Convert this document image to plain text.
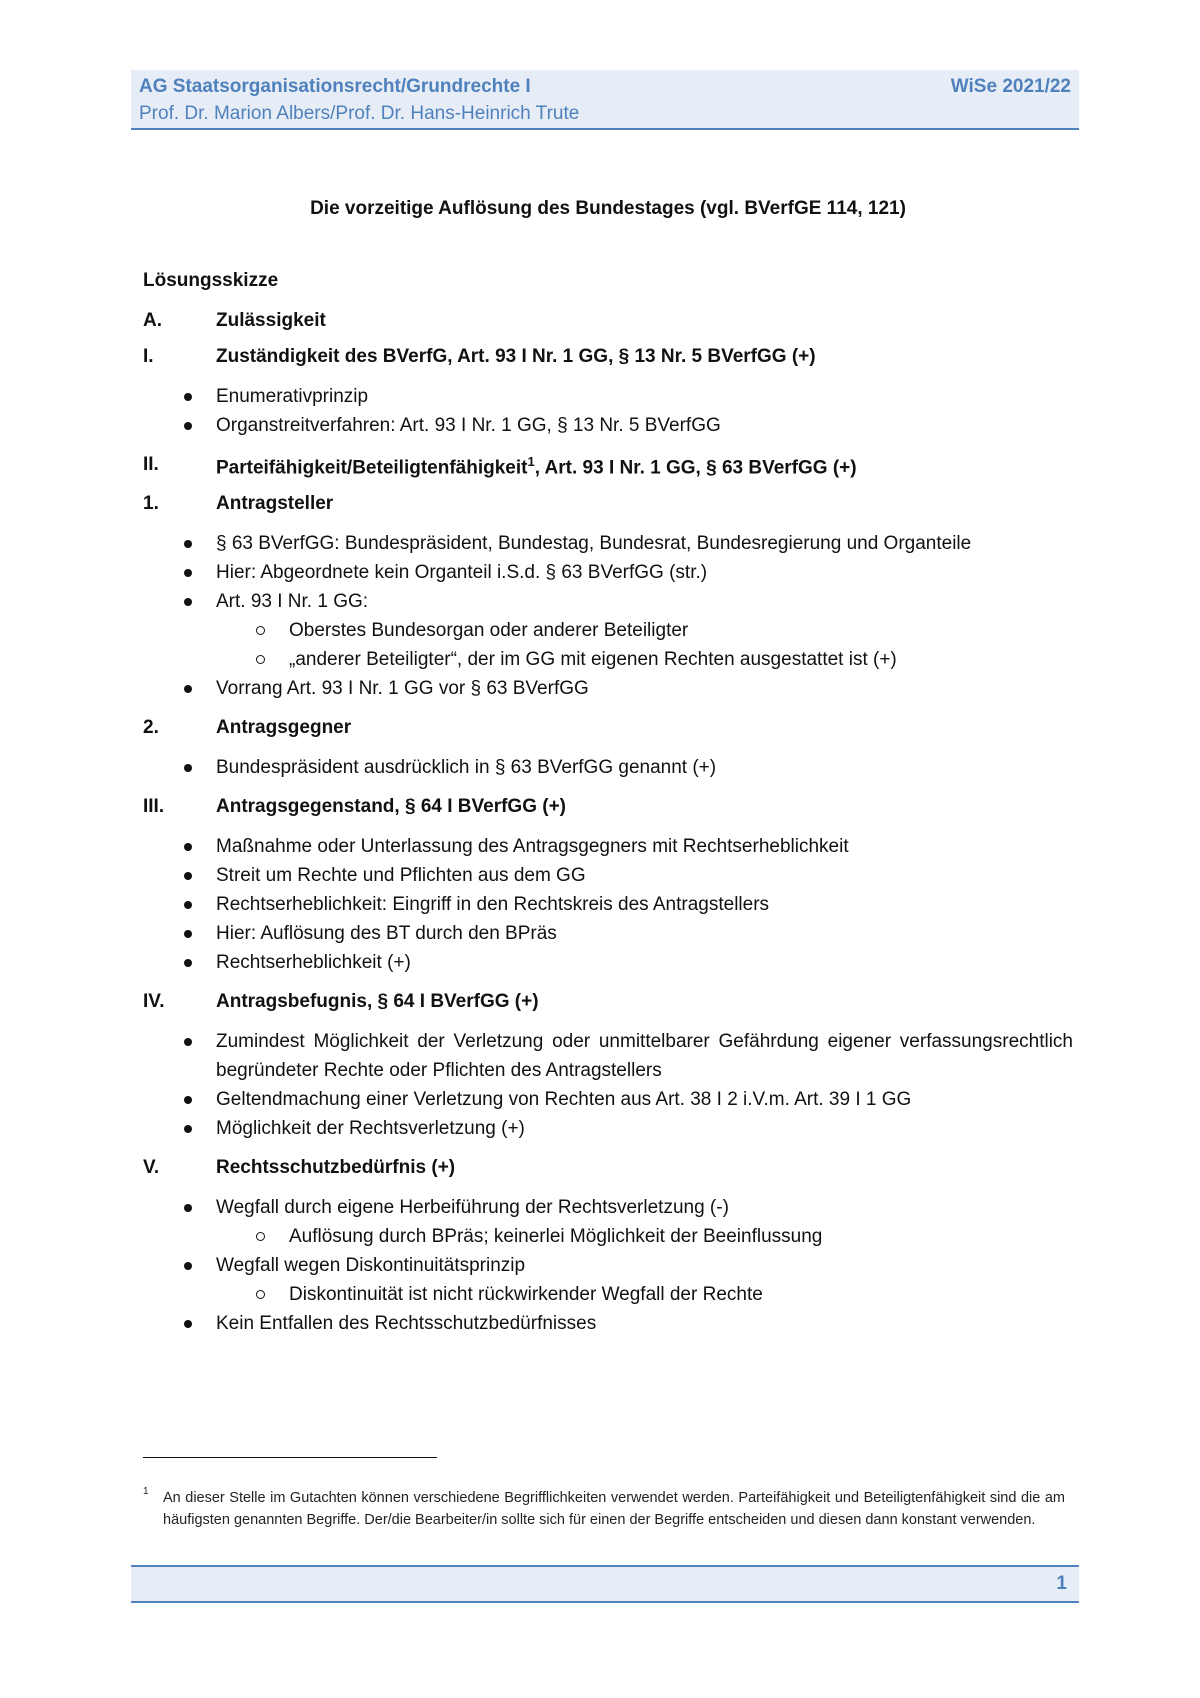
AG Staatsorganisationsrecht/Grundrechte I
Prof. Dr. Marion Albers/Prof. Dr. Hans-Heinrich Trute
WiSe 2021/22
Die vorzeitige Auflösung des Bundestages (vgl. BVerfGE 114, 121)
Lösungsskizze
A.	Zulässigkeit
I.	Zuständigkeit des BVerfG, Art. 93 I Nr. 1 GG, § 13 Nr. 5 BVerfGG (+)
Enumerativprinzip
Organstreitverfahren: Art. 93 I Nr. 1 GG, § 13 Nr. 5 BVerfGG
II.	Parteifähigkeit/Beteiligtenfähigkeit$^1$, Art. 93 I Nr. 1 GG, § 63 BVerfGG (+)
1.	Antragsteller
§ 63 BVerfGG: Bundespräsident, Bundestag, Bundesrat, Bundesregierung und Organteile
Hier: Abgeordnete kein Organteil i.S.d. § 63 BVerfGG (str.)
Art. 93 I Nr. 1 GG:
Oberstes Bundesorgan oder anderer Beteiligter
„anderer Beteiligter“, der im GG mit eigenen Rechten ausgestattet ist (+)
Vorrang Art. 93 I Nr. 1 GG vor § 63 BVerfGG
2.	Antragsgegner
Bundespräsident ausdrücklich in § 63 BVerfGG genannt (+)
III.	Antragsgegenstand, § 64 I BVerfGG (+)
Maßnahme oder Unterlassung des Antragsgegners mit Rechtserheblichkeit
Streit um Rechte und Pflichten aus dem GG
Rechtserheblichkeit: Eingriff in den Rechtskreis des Antragstellers
Hier: Auflösung des BT durch den BPräs
Rechtserheblichkeit (+)
IV.	Antragsbefugnis, § 64 I BVerfGG (+)
Zumindest Möglichkeit der Verletzung oder unmittelbarer Gefährdung eigener verfassungsrechtlich begründeter Rechte oder Pflichten des Antragstellers
Geltendmachung einer Verletzung von Rechten aus Art. 38 I 2 i.V.m. Art. 39 I 1 GG
Möglichkeit der Rechtsverletzung (+)
V.	Rechtsschutzbedürfnis (+)
Wegfall durch eigene Herbeiführung der Rechtsverletzung (-)
Auflösung durch BPräs; keinerlei Möglichkeit der Beeinflussung
Wegfall wegen Diskontinuitätsprinzip
Diskontinuität ist nicht rückwirkender Wegfall der Rechte
Kein Entfallen des Rechtsschutzbedürfnisses
1 An dieser Stelle im Gutachten können verschiedene Begrifflichkeiten verwendet werden. Parteifähigkeit und Beteiligtenfähigkeit sind die am häufigsten genannten Begriffe. Der/die Bearbeiter/in sollte sich für einen der Begriffe entscheiden und diesen dann konstant verwenden.
1
